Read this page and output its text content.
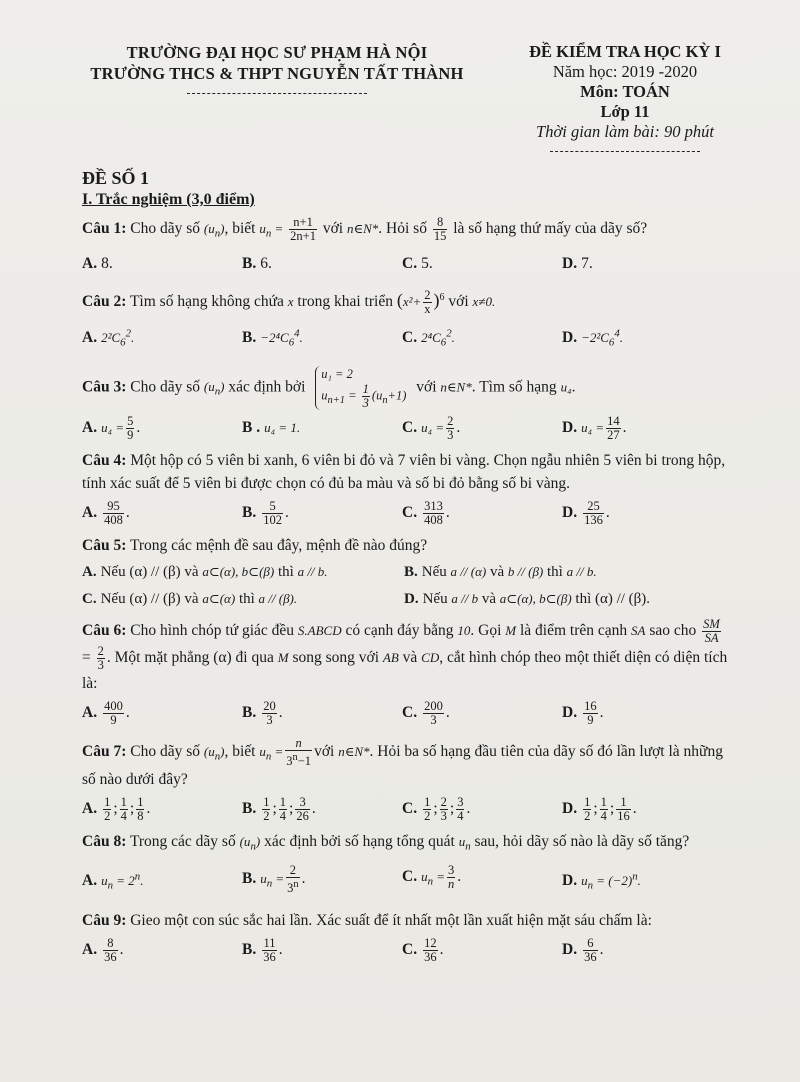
TRƯỜNG ĐẠI HỌC SƯ PHẠM HÀ NỘI
TRƯỜNG THCS & THPT NGUYỄN TẤT THÀNH
ĐỀ KIỂM TRA HỌC KỲ I
Năm học: 2019 -2020
Môn: TOÁN
Lớp 11
Thời gian làm bài: 90 phút
ĐỀ SỐ 1
I. Trắc nghiệm (3,0 điểm)
Câu 1: Cho dãy số $(u_n)$, biết $u_n = \frac{n+1}{2n+1}$ với n∈N*. Hỏi số $\frac{8}{15}$ là số hạng thứ mấy của dãy số?
A. 8.	B. 6.	C. 5.	D. 7.
Câu 2: Tìm số hạng không chứa x trong khai triển $(x^2+ \frac{2}{x} )^6$ với x≠0.
A. $2^2C_6^2$.	B. $-2^4C_6^4$.	C. $2^4C_6^2$.	D. $-2^2C_6^4$.
Câu 3: Cho dãy số $(u_n)$ xác định bởi
u₁ = 2
$u_{n+1} = \frac{1}{3} (u_n+1)$ với n∈N*. Tìm số hạng u₄.
A. $u_4 = \frac{5}{9}$ .	B . u₄ = 1.	C. $u_4 = \frac{2}{3}$ .	D. $u_4 = \frac{14}{27}$ .
Câu 4: Một hộp có 5 viên bi xanh, 6 viên bi đỏ và 7 viên bi vàng. Chọn ngẫu nhiên 5 viên bi trong hộp, tính xác suất để 5 viên bi được chọn có đủ ba màu và số bi đỏ bằng số bi vàng.
A. $\frac{95}{408}$ .	B. $\frac{5}{102}$ .	C. $\frac{313}{408}$ .	D. $\frac{25}{136}$ .
Câu 5: Trong các mệnh đề sau đây, mệnh đề nào đúng?
A. Nếu (α) // (β) và a⊂(α), b⊂(β) thì a // b.	B. Nếu a // (α) và b // (β) thì a // b.
C. Nếu (α) // (β) và a⊂(α) thì a // (β).	D. Nếu a // b và a⊂(α), b⊂(β) thì (α) // (β).
Câu 6: Cho hình chóp tứ giác đều S.ABCD có cạnh đáy bằng 10. Gọi M là điểm trên cạnh SA sao cho $\frac{SM}{SA}$
= $\frac{2}{3}$ . Một mặt phẳng (α) đi qua M song song với AB và CD, cắt hình chóp theo một thiết diện có diện tích là:
A. $\frac{400}{9}$ .	B. $\frac{20}{3}$ .	C. $\frac{200}{3}$ .	D. $\frac{16}{9}$ .
Câu 7: Cho dãy số $(u_n)$, biết $u_n = \frac{n}{3^n-1}$ với n∈N*. Hỏi ba số hạng đầu tiên của dãy số đó lần lượt là những số nào dưới đây?
A. $\frac{1}{2}$ ; $\frac{1}{4}$ ; $\frac{1}{8}$ .	B. $\frac{1}{2}$ ; $\frac{1}{4}$ ; $\frac{3}{26}$ .	C. $\frac{1}{2}$ ; $\frac{2}{3}$ ; $\frac{3}{4}$ .	D. $\frac{1}{2}$ ; $\frac{1}{4}$ ; $\frac{1}{16}$ .
Câu 8: Trong các dãy số $(u_n)$ xác định bởi số hạng tổng quát $u_n$ sau, hỏi dãy số nào là dãy số tăng?
A. $u_n = 2^n$.	B. $u_n = \frac{2}{3^n}$ .	C. $u_n = \frac{3}{n}$ .	D. $u_n = (-2)^n$.
Câu 9: Gieo một con súc sắc hai lần. Xác suất để ít nhất một lần xuất hiện mặt sáu chấm là:
A. $\frac{8}{36}$ .	B. $\frac{11}{36}$ .	C. $\frac{12}{36}$ .	D. $\frac{6}{36}$ .
